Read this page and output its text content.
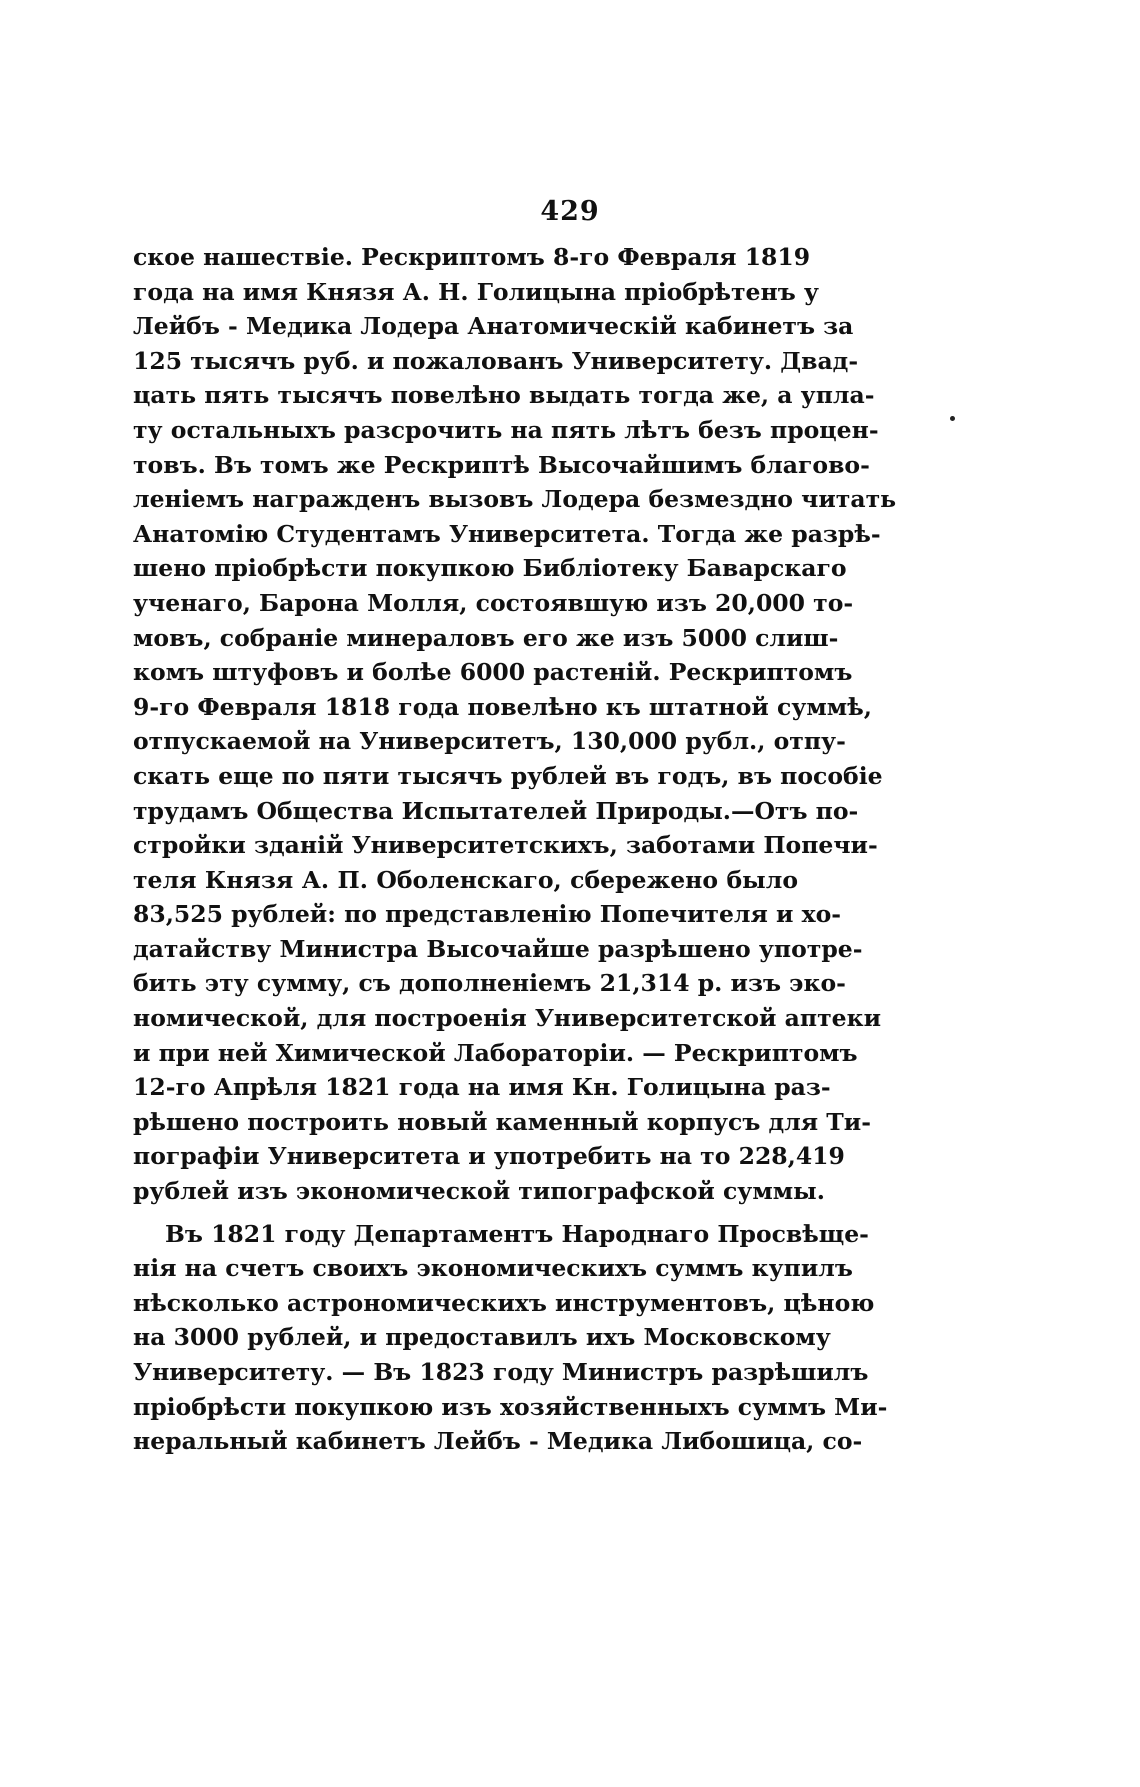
429
ское нашествіе. Рескриптомъ 8-го Февраля 1819
года на имя Князя А. Н. Голицына пріобрѣтенъ у
Лейбъ - Медика Лодера Анатомическій кабинетъ за
125 тысячъ руб. и пожалованъ Университету. Двад-
цать пять тысячъ повелѣно выдать тогда же, а упла-
ту остальныхъ разсрочить на пять лѣтъ безъ процен-
товъ. Въ томъ же Рескриптѣ Высочайшимъ благово-
леніемъ награжденъ вызовъ Лодера безмездно читать
Анатомію Студентамъ Университета. Тогда же разрѣ-
шено пріобрѣсти покупкою Библіотеку Баварскаго
ученаго, Барона Молля, состоявшую изъ 20,000 то-
мовъ, собраніе минераловъ его же изъ 5000 слиш-
комъ штуфовъ и болѣе 6000 растеній. Рескриптомъ
9-го Февраля 1818 года повелѣно къ штатной суммѣ,
отпускаемой на Университетъ, 130,000 рубл., отпу-
скать еще по пяти тысячъ рублей въ годъ, въ пособіе
трудамъ Общества Испытателей Природы.—Отъ по-
стройки зданій Университетскихъ, заботами Попечи-
теля Князя А. П. Оболенскаго, сбережено было
83,525 рублей: по представленію Попечителя и хо-
датайству Министра Высочайше разрѣшено употре-
бить эту сумму, съ дополненіемъ 21,314 р. изъ эко-
номической, для построенія Университетской аптеки
и при ней Химической Лабораторіи. — Рескриптомъ
12-го Апрѣля 1821 года на имя Кн. Голицына раз-
рѣшено построить новый каменный корпусъ для Ти-
пографіи Университета и употребить на то 228,419
рублей изъ экономической типографской суммы.
Въ 1821 году Департаментъ Народнаго Просвѣще-
нія на счетъ своихъ экономическихъ суммъ купилъ
нѣсколько астрономическихъ инструментовъ, цѣною
на 3000 рублей, и предоставилъ ихъ Московскому
Университету. — Въ 1823 году Министръ разрѣшилъ
пріобрѣсти покупкою изъ хозяйственныхъ суммъ Ми-
неральный кабинетъ Лейбъ - Медика Либошица, со-
